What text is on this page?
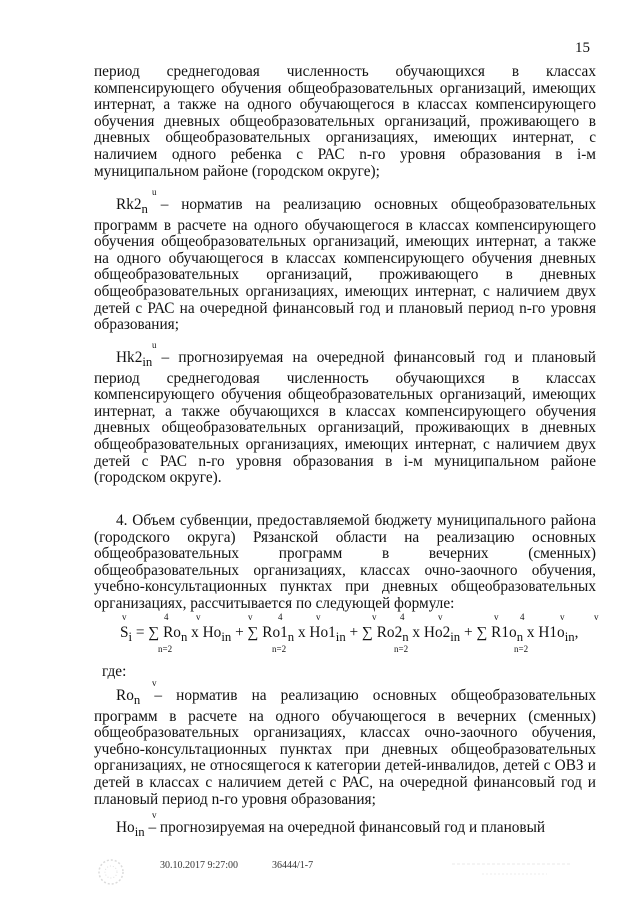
15

период среднегодовая численность обучающихся в классах компенсирующего обучения общеобразовательных организаций, имеющих интернат, а также на одного обучающегося в классах компенсирующего обучения дневных общеобразовательных организаций, проживающего в дневных общеобразовательных организациях, имеющих интернат, с наличием одного ребенка с РАС n-го уровня образования в i-м муниципальном районе (городском округе);

u
$Rk2_n$ – норматив на реализацию основных общеобразовательных программ в расчете на одного обучающегося в классах компенсирующего обучения общеобразовательных организаций, имеющих интернат, а также на одного обучающегося в классах компенсирующего обучения дневных общеобразовательных организаций, проживающего в дневных общеобразовательных организациях, имеющих интернат, с наличием двух детей с РАС на очередной финансовый год и плановый период n-го уровня образования;

u
$Hk2_{in}$ – прогнозируемая на очередной финансовый год и плановый период среднегодовая численность обучающихся в классах компенсирующего обучения общеобразовательных организаций, имеющих интернат, а также обучающихся в классах компенсирующего обучения дневных общеобразовательных организаций, проживающих в дневных общеобразовательных организациях, имеющих интернат, с наличием двух детей с РАС n-го уровня образования в i-м муниципальном районе (городском округе).

4. Объем субвенции, предоставляемой бюджету муниципального района (городского округа) Рязанской области на реализацию основных общеобразовательных программ в вечерних (сменных) общеобразовательных организациях, классах очно-заочного обучения, учебно-консультационных пунктах при дневных общеобразовательных организациях, рассчитывается по следующей формуле:

v	4	v	v	4	v	v	4	v	v 4	v	v
$S_i$ = ∑ $Ro_n$ x $Ho_{in}$ + ∑ $Ro1_n$ x $Ho1_{in}$ + ∑ $Ro2_n$ x $Ho2_{in}$ + ∑ $R1o_n$ x $H1o_{in}$,
n=2	n=2	n=2	n=2

где:

v
$Ro_n$ – норматив на реализацию основных общеобразовательных программ в расчете на одного обучающегося в вечерних (сменных) общеобразовательных организациях, классах очно-заочного обучения, учебно-консультационных пунктах при дневных общеобразовательных организациях, не относящегося к категории детей-инвалидов, детей с ОВЗ и детей в классах с наличием детей с РАС, на очередной финансовый год и плановый период n-го уровня образования;

v
$Ho_{in}$ – прогнозируемая на очередной финансовый год и плановый

30.10.2017 9:27:00	36444/1-7
